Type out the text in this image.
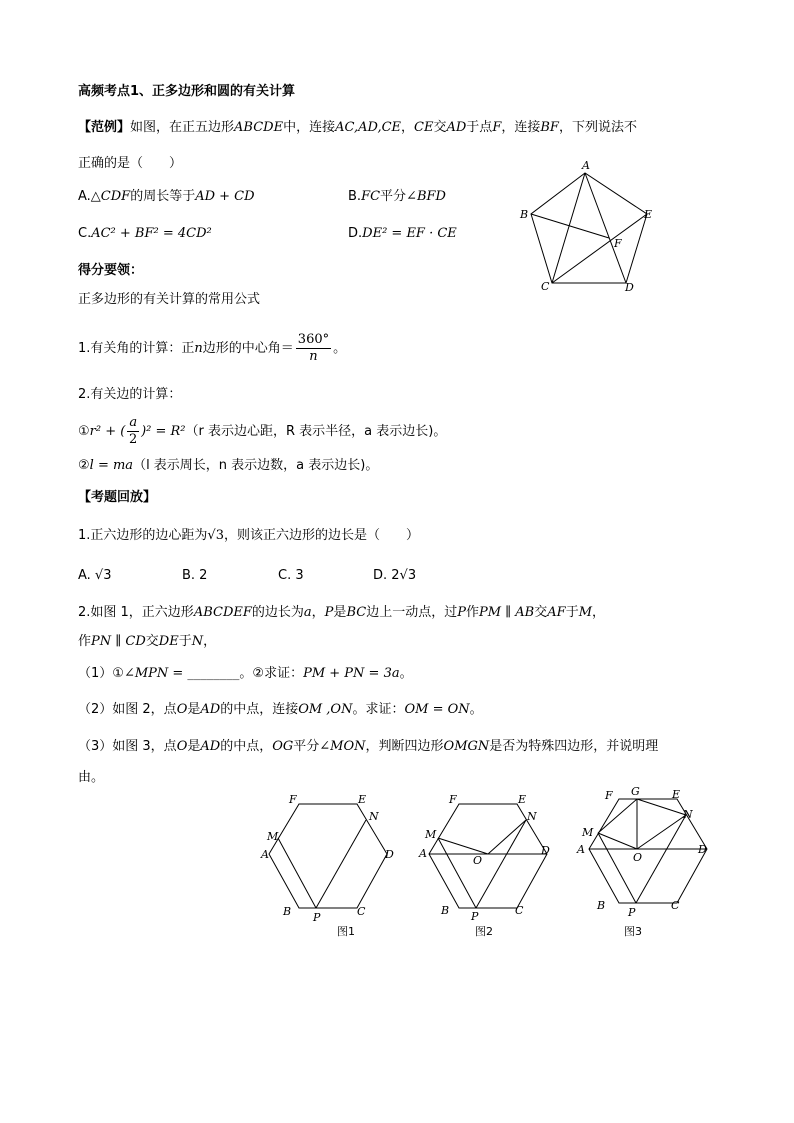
高频考点1、正多边形和圆的有关计算
【范例】如图，在正五边形ABCDE中，连接AC,AD,CE，CE交AD于点F，连接BF，下列说法不
正确的是（　　）
A.△CDF的周长等于AD + CD	B.FC平分∠BFD
C.AC² + BF² = 4CD²	D.DE² = EF · CE
A
B
C	D
E
F
得分要领：
正多边形的有关计算的常用公式
1.有关角的计算：正n边形的中心角＝ $\frac{360^\circ}{n}$ 。
2.有关边的计算：
①r² + ( $\frac{a}{2} )^2 = R^2(r$ 表示边心距，R 表示半径，a 表示边长)。
②l = ma（l 表示周长，n 表示边数，a 表示边长)。
【考题回放】
1.正六边形的边心距为√3，则该正六边形的边长是（　　）
A. √3	B. 2	C. 3	D. 2√3
2.如图 1，正六边形ABCDEF的边长为a，P是BC边上一动点，过P作PM ∥ AB交AF于M，
作PN ∥ CD交DE于N，
（1）①∠MPN = ________。②求证：PM + PN = 3a。
（2）如图 2，点O是AD的中点，连接OM ,ON。求证：OM = ON。
（3）如图 3，点O是AD的中点，OG平分∠MON，判断四边形OMGN是否为特殊四边形，并说明理
由。
F	E
N
M
A	D
B P	C
图1
F	E
N
M
A	D
O
B P	C
图2
F G	E
N
M
A	D
O
B
P
C
图3
